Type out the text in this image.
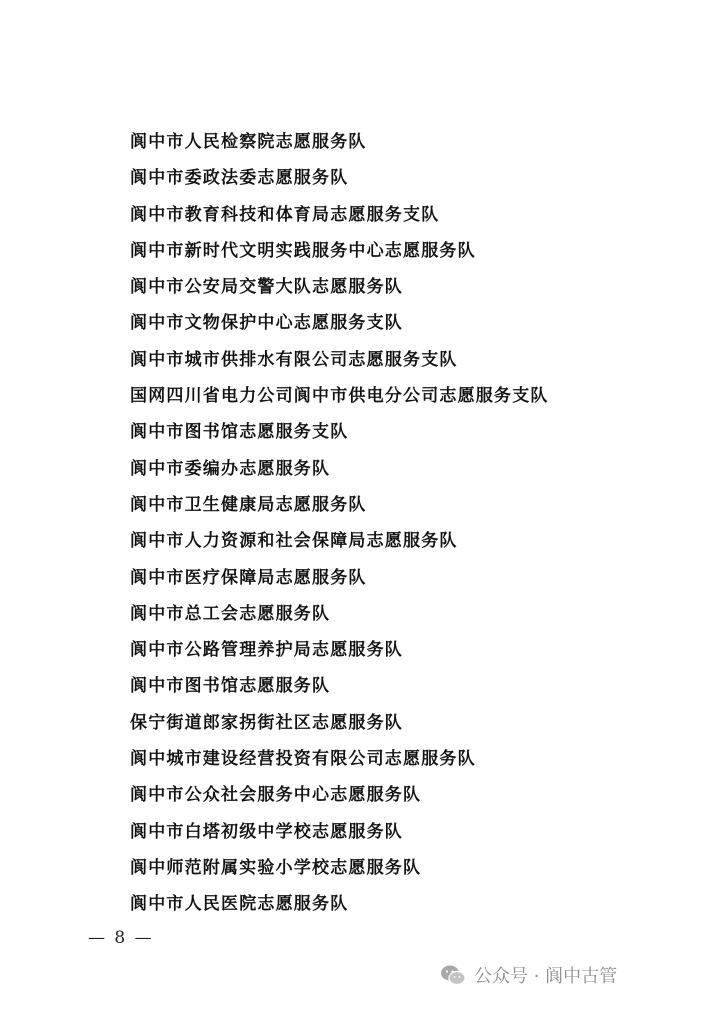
阆中市人民检察院志愿服务队
阆中市委政法委志愿服务队
阆中市教育科技和体育局志愿服务支队
阆中市新时代文明实践服务中心志愿服务队
阆中市公安局交警大队志愿服务队
阆中市文物保护中心志愿服务支队
阆中市城市供排水有限公司志愿服务支队
国网四川省电力公司阆中市供电分公司志愿服务支队
阆中市图书馆志愿服务支队
阆中市委编办志愿服务队
阆中市卫生健康局志愿服务队
阆中市人力资源和社会保障局志愿服务队
阆中市医疗保障局志愿服务队
阆中市总工会志愿服务队
阆中市公路管理养护局志愿服务队
阆中市图书馆志愿服务队
保宁街道郎家拐街社区志愿服务队
阆中城市建设经营投资有限公司志愿服务队
阆中市公众社会服务中心志愿服务队
阆中市白塔初级中学校志愿服务队
阆中师范附属实验小学校志愿服务队
阆中市人民医院志愿服务队
— 8 —
公众号 · 阆中古管
